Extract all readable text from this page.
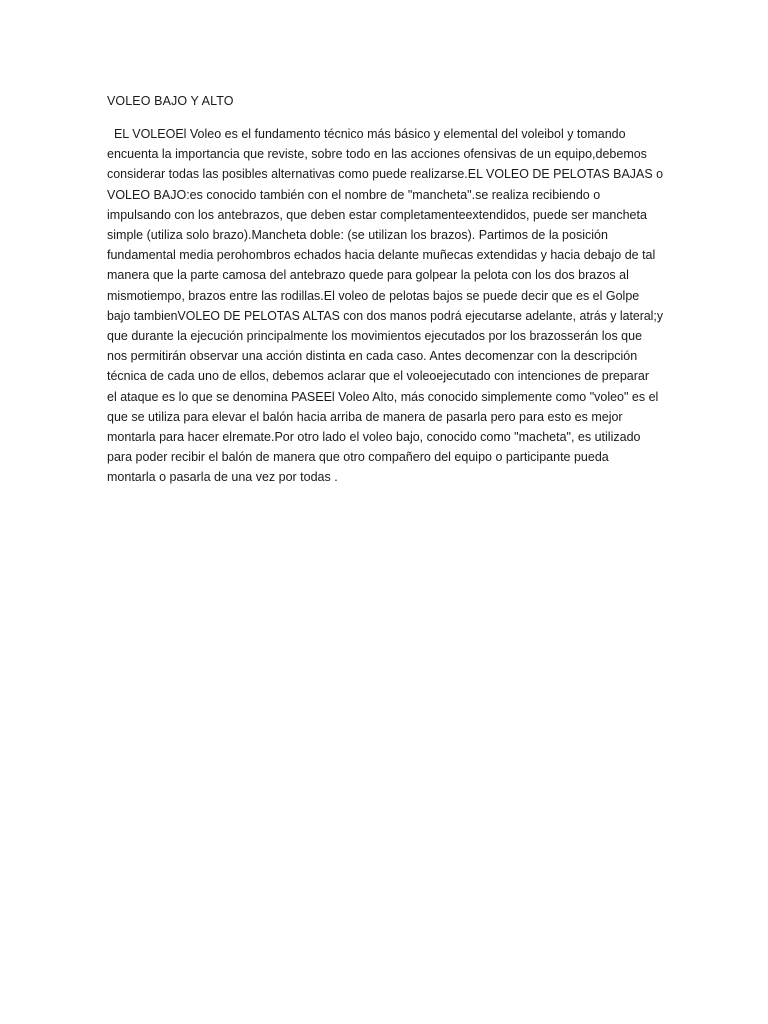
VOLEO BAJO Y ALTO
EL VOLEOEl Voleo es el fundamento técnico más básico y elemental del voleibol y tomando
encuenta la importancia que reviste, sobre todo en las acciones ofensivas de un equipo,debemos
considerar todas las posibles alternativas como puede realizarse.EL VOLEO DE PELOTAS BAJAS o
VOLEO BAJO:es conocido también con el nombre de "mancheta".se realiza recibiendo o
impulsando con los antebrazos, que deben estar completamenteextendidos, puede ser mancheta
simple (utiliza solo brazo).Mancheta doble: (se utilizan los brazos). Partimos de la posición
fundamental media perohombros echados hacia delante muñecas extendidas y hacia debajo de tal
manera que la parte camosa del antebrazo quede para golpear la pelota con los dos brazos al
mismotiempo, brazos entre las rodillas.El voleo de pelotas bajos se puede decir que es el Golpe
bajo tambienVOLEO DE PELOTAS ALTAS con dos manos podrá ejecutarse adelante, atrás y lateral;y
que durante la ejecución principalmente los movimientos ejecutados por los brazosserán los que
nos permitirán observar una acción distinta en cada caso. Antes decomenzar con la descripción
técnica de cada uno de ellos, debemos aclarar que el voleoejecutado con intenciones de preparar
el ataque es lo que se denomina PASEEl Voleo Alto, más conocido simplemente como "voleo" es el
que se utiliza para elevar el balón hacia arriba de manera de pasarla pero para esto es mejor
montarla para hacer elremate.Por otro lado el voleo bajo, conocido como "macheta", es utilizado
para poder recibir el balón de manera que otro compañero del equipo o participante pueda
montarla o pasarla de una vez por todas .
